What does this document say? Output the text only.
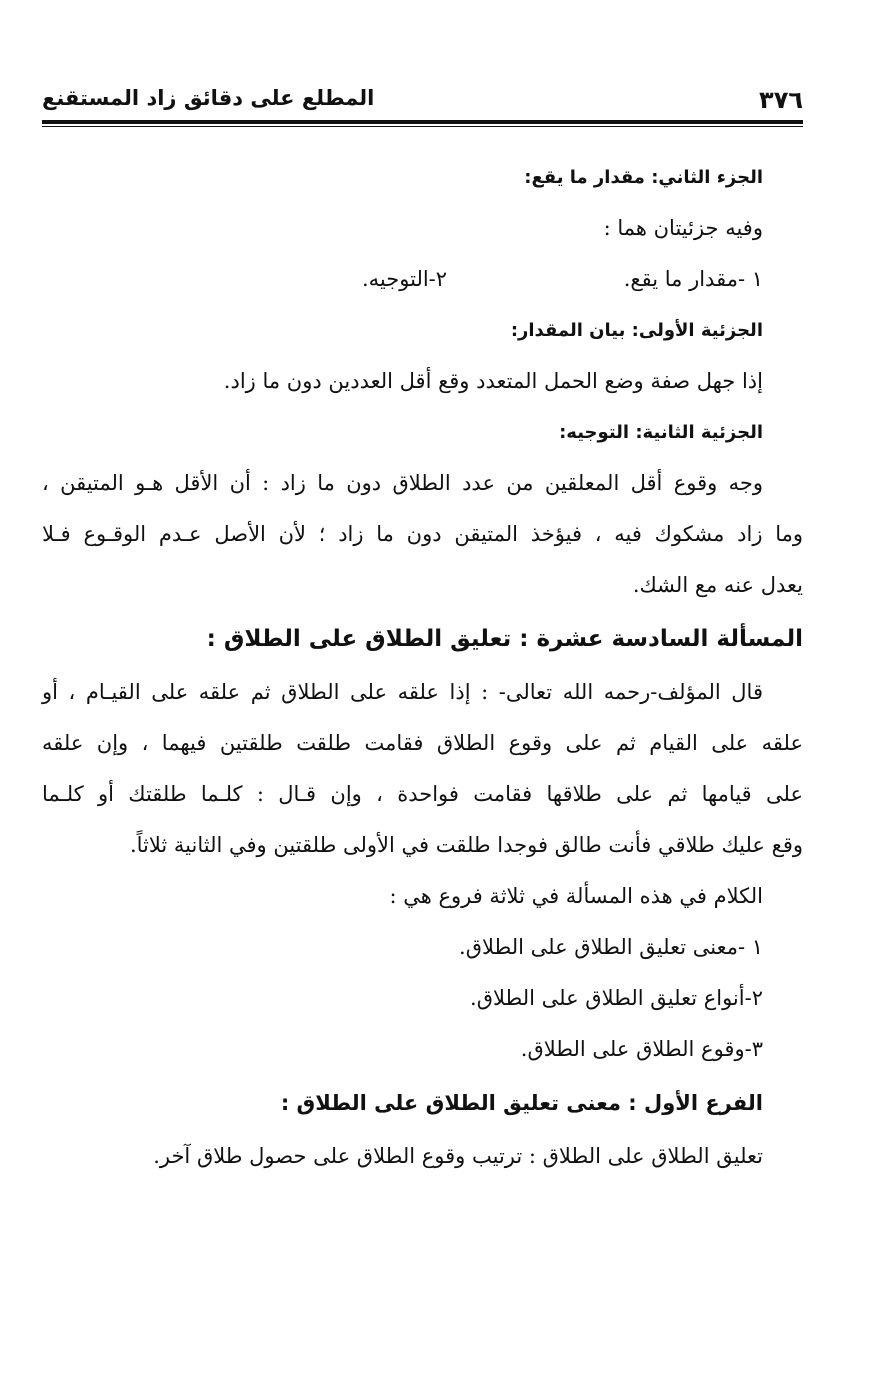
٣٧٦
المطلع على دقائق زاد المستقنع
الجزء الثاني: مقدار ما يقع:
وفيه جزئيتان هما :
١ -مقدار ما يقع. ٢-التوجيه.
الجزئية الأولى: بيان المقدار:
إذا جهل صفة وضع الحمل المتعدد وقع أقل العددين دون ما زاد.
الجزئية الثانية: التوجيه:
وجه وقوع أقل المعلقين من عدد الطلاق دون ما زاد : أن الأقل هـو المتيقن ،
وما زاد مشكوك فيه ، فيؤخذ المتيقن دون ما زاد ؛ لأن الأصل عـدم الوقـوع فـلا
يعدل عنه مع الشك.
المسألة السادسة عشرة : تعليق الطلاق على الطلاق :
قال المؤلف-رحمه الله تعالى- : إذا علقه على الطلاق ثم علقه على القيـام ، أو
علقه على القيام ثم على وقوع الطلاق فقامت طلقت طلقتين فيهما ، وإن علقه
على قيامها ثم على طلاقها فقامت فواحدة ، وإن قـال : كلـما طلقتك أو كلـما
وقع عليك طلاقي فأنت طالق فوجدا طلقت في الأولى طلقتين وفي الثانية ثلاثاً.
الكلام في هذه المسألة في ثلاثة فروع هي :
١ -معنى تعليق الطلاق على الطلاق.
٢-أنواع تعليق الطلاق على الطلاق.
٣-وقوع الطلاق على الطلاق.
الفرع الأول : معنى تعليق الطلاق على الطلاق :
تعليق الطلاق على الطلاق : ترتيب وقوع الطلاق على حصول طلاق آخر.
